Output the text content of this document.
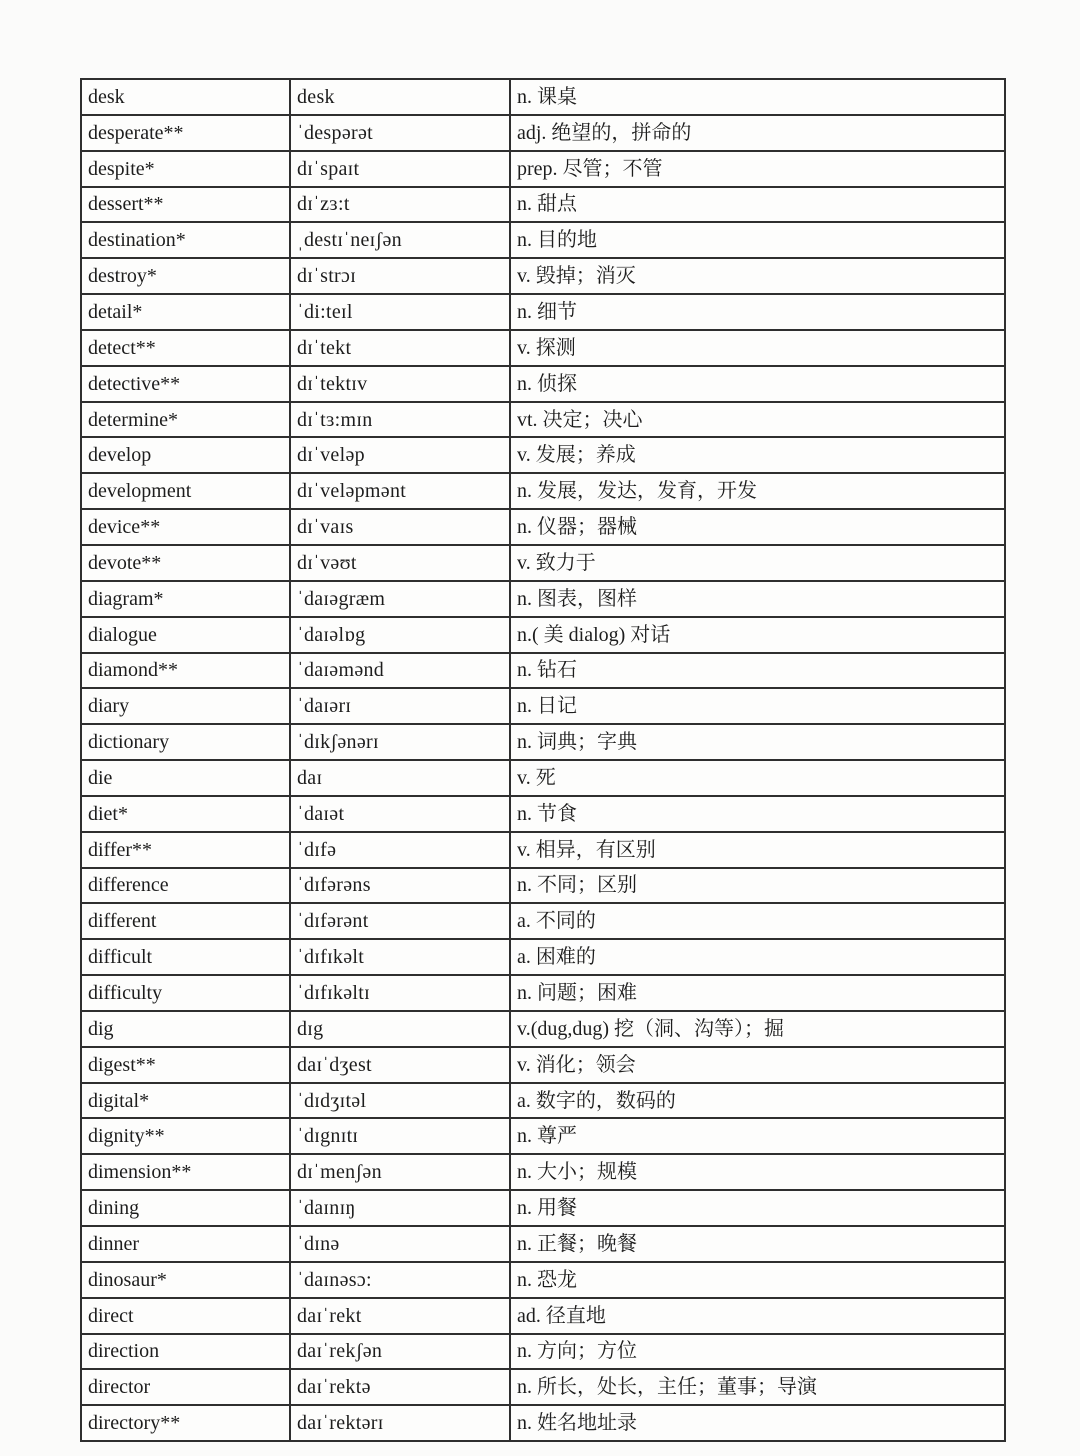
desk	desk	n. 课桌
desperate**	ˈdespərət	adj. 绝望的，拼命的
despite*	dɪˈspaɪt	prep. 尽管；不管
dessert**	dɪˈzɜ:t	n. 甜点
destination*	ˌdestɪˈneɪʃən	n. 目的地
destroy*	dɪˈstrɔɪ	v. 毁掉；消灭
detail*	ˈdi:teɪl	n. 细节
detect**	dɪˈtekt	v. 探测
detective**	dɪˈtektɪv	n. 侦探
determine*	dɪˈtɜ:mɪn	vt. 决定；决心
develop	dɪˈveləp	v. 发展；养成
development	dɪˈveləpmənt	n. 发展，发达，发育，开发
device**	dɪˈvaɪs	n. 仪器；器械
devote**	dɪˈvəʊt	v. 致力于
diagram*	ˈdaɪəgræm	n. 图表，图样
dialogue	ˈdaɪəlɒg	n.( 美 dialog) 对话
diamond**	ˈdaɪəmənd	n. 钻石
diary	ˈdaɪərɪ	n. 日记
dictionary	ˈdɪkʃənərɪ	n. 词典；字典
die	daɪ	v. 死
diet*	ˈdaɪət	n. 节食
differ**	ˈdɪfə	v. 相异，有区别
difference	ˈdɪfərəns	n. 不同；区别
different	ˈdɪfərənt	a. 不同的
difficult	ˈdɪfɪkəlt	a. 困难的
difficulty	ˈdɪfɪkəltɪ	n. 问题；困难
dig	dɪg	v.(dug,dug) 挖（洞、沟等）；掘
digest**	daɪˈdʒest	v. 消化；领会
digital*	ˈdɪdʒɪtəl	a. 数字的，数码的
dignity**	ˈdɪgnɪtɪ	n. 尊严
dimension**	dɪˈmenʃən	n. 大小；规模
dining	ˈdaɪnɪŋ	n. 用餐
dinner	ˈdɪnə	n. 正餐；晚餐
dinosaur*	ˈdaɪnəsɔ:	n. 恐龙
direct	daɪˈrekt	ad. 径直地
direction	daɪˈrekʃən	n. 方向；方位
director	daɪˈrektə	n. 所长，处长，主任；董事；导演
directory**	daɪˈrektərɪ	n. 姓名地址录
